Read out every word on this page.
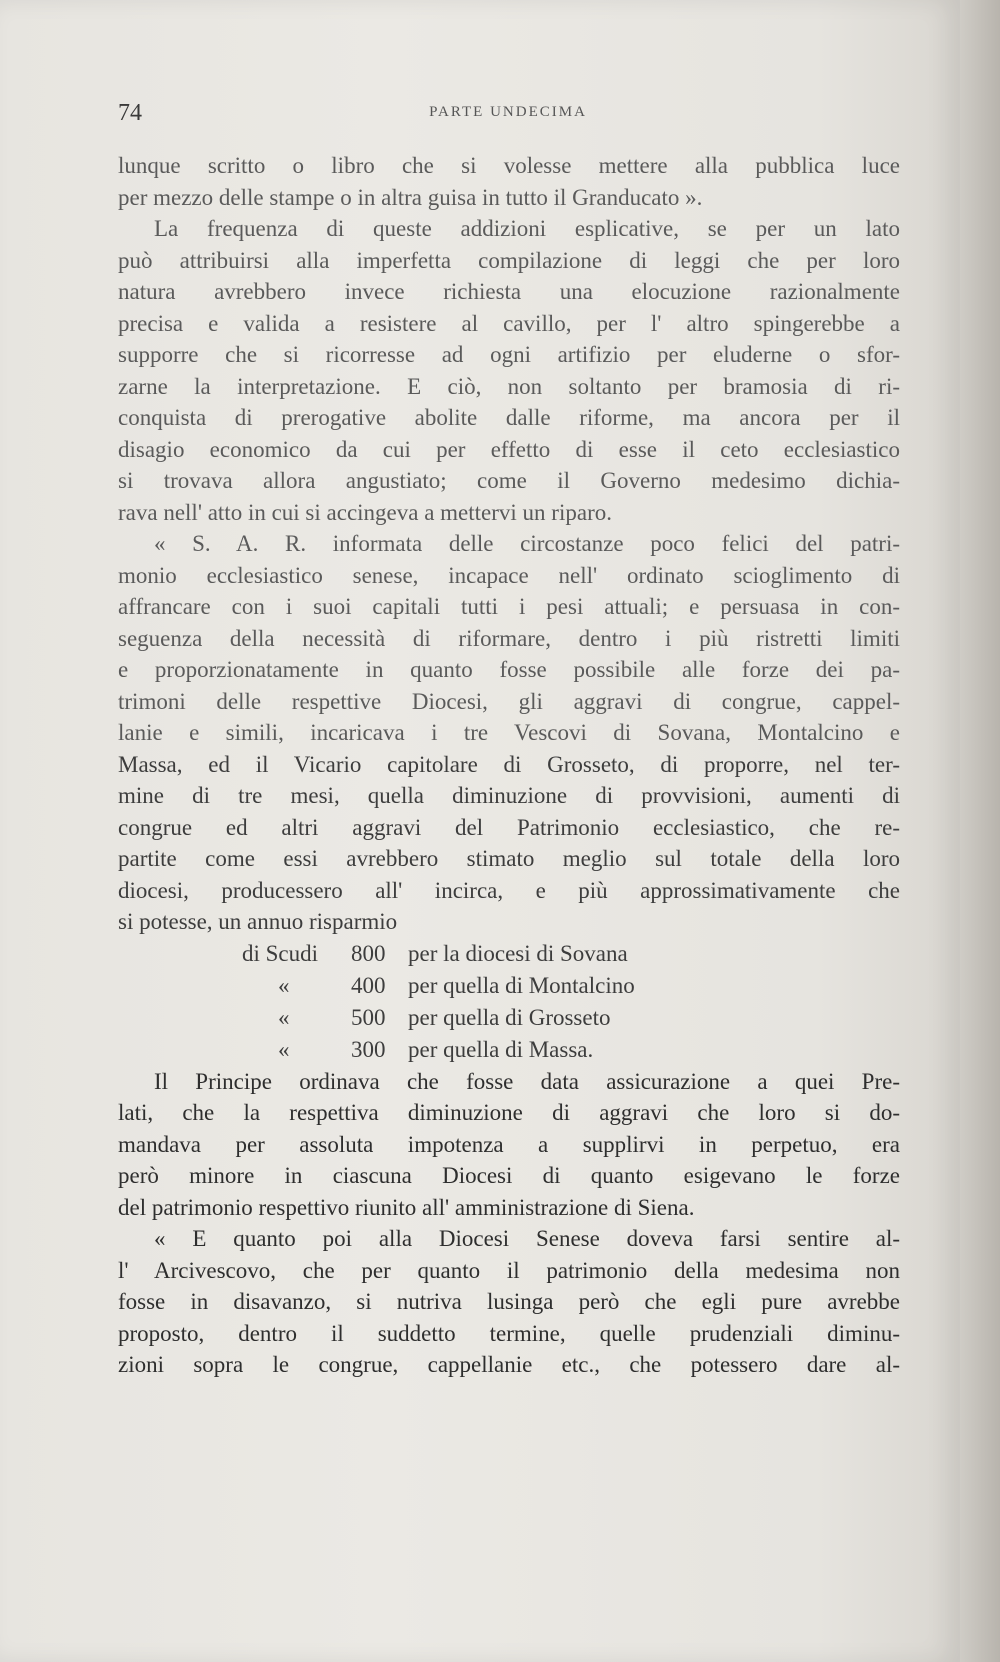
74	PARTE UNDECIMA
lunque scritto o libro che si volesse mettere alla pubblica luce
per mezzo delle stampe o in altra guisa in tutto il Granducato ».
La frequenza di queste addizioni esplicative, se per un lato
può attribuirsi alla imperfetta compilazione di leggi che per loro
natura avrebbero invece richiesta una elocuzione razionalmente
precisa e valida a resistere al cavillo, per l' altro spingerebbe a
supporre che si ricorresse ad ogni artifizio per eluderne o sfor-
zarne la interpretazione. E ciò, non soltanto per bramosia di ri-
conquista di prerogative abolite dalle riforme, ma ancora per il
disagio economico da cui per effetto di esse il ceto ecclesiastico
si trovava allora angustiato; come il Governo medesimo dichia-
rava nell' atto in cui si accingeva a mettervi un riparo.
« S. A. R. informata delle circostanze poco felici del patri-
monio ecclesiastico senese, incapace nell' ordinato scioglimento di
affrancare con i suoi capitali tutti i pesi attuali; e persuasa in con-
seguenza della necessità di riformare, dentro i più ristretti limiti
e proporzionatamente in quanto fosse possibile alle forze dei pa-
trimoni delle respettive Diocesi, gli aggravi di congrue, cappel-
lanie e simili, incaricava i tre Vescovi di Sovana, Montalcino e
Massa, ed il Vicario capitolare di Grosseto, di proporre, nel ter-
mine di tre mesi, quella diminuzione di provvisioni, aumenti di
congrue ed altri aggravi del Patrimonio ecclesiastico, che re-
partite come essi avrebbero stimato meglio sul totale della loro
diocesi, producessero all' incirca, e più approssimativamente che
si potesse, un annuo risparmio
di Scudi 800 per la diocesi di Sovana
«	400 per quella di Montalcino
«	500 per quella di Grosseto
«	300 per quella di Massa.
Il Principe ordinava che fosse data assicurazione a quei Pre-
lati, che la respettiva diminuzione di aggravi che loro si do-
mandava per assoluta impotenza a supplirvi in perpetuo, era
però minore in ciascuna Diocesi di quanto esigevano le forze
del patrimonio respettivo riunito all' amministrazione di Siena.
« E quanto poi alla Diocesi Senese doveva farsi sentire al-
l' Arcivescovo, che per quanto il patrimonio della medesima non
fosse in disavanzo, si nutriva lusinga però che egli pure avrebbe
proposto, dentro il suddetto termine, quelle prudenziali diminu-
zioni sopra le congrue, cappellanie etc., che potessero dare al-
